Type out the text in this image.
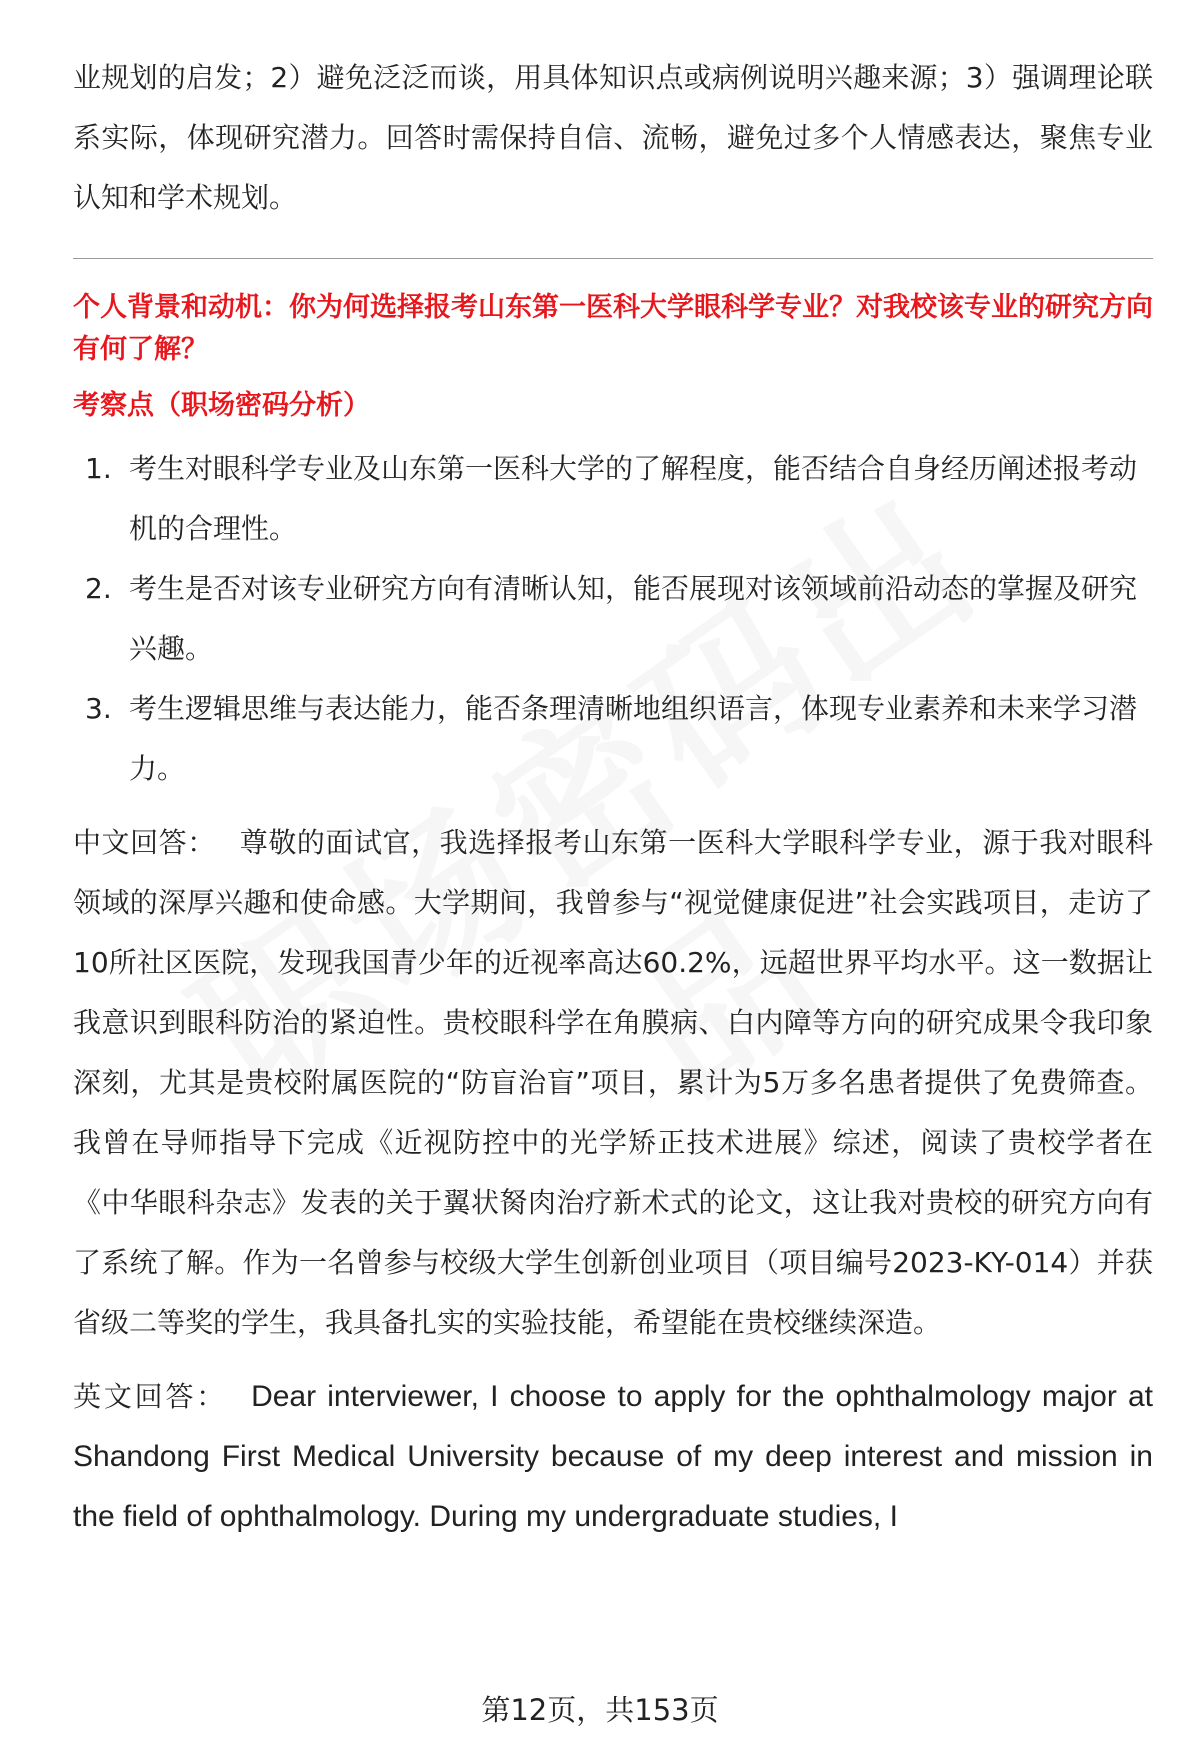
业规划的启发；2）避免泛泛而谈，用具体知识点或病例说明兴趣来源；3）强调理论联系实际，体现研究潜力。回答时需保持自信、流畅，避免过多个人情感表达，聚焦专业认知和学术规划。

个人背景和动机：你为何选择报考山东第一医科大学眼科学专业？对我校该专业的研究方向有何了解？

考察点（职场密码分析）

1. 考生对眼科学专业及山东第一医科大学的了解程度，能否结合自身经历阐述报考动机的合理性。
2. 考生是否对该专业研究方向有清晰认知，能否展现对该领域前沿动态的掌握及研究兴趣。
3. 考生逻辑思维与表达能力，能否条理清晰地组织语言，体现专业素养和未来学习潜力。

中文回答： 尊敬的面试官，我选择报考山东第一医科大学眼科学专业，源于我对眼科领域的深厚兴趣和使命感。大学期间，我曾参与“视觉健康促进”社会实践项目，走访了10所社区医院，发现我国青少年的近视率高达60.2%，远超世界平均水平。这一数据让我意识到眼科防治的紧迫性。贵校眼科学在角膜病、白内障等方向的研究成果令我印象深刻，尤其是贵校附属医院的“防盲治盲”项目，累计为5万多名患者提供了免费筛查。我曾在导师指导下完成《近视防控中的光学矫正技术进展》综述，阅读了贵校学者在《中华眼科杂志》发表的关于翼状胬肉治疗新术式的论文，这让我对贵校的研究方向有了系统了解。作为一名曾参与校级大学生创新创业项目（项目编号2023-KY-014）并获省级二等奖的学生，我具备扎实的实验技能，希望能在贵校继续深造。

英文回答： Dear interviewer, I choose to apply for the ophthalmology major at Shandong First Medical University because of my deep interest and mission in the field of ophthalmology. During my undergraduate studies, I

第12页，共153页
